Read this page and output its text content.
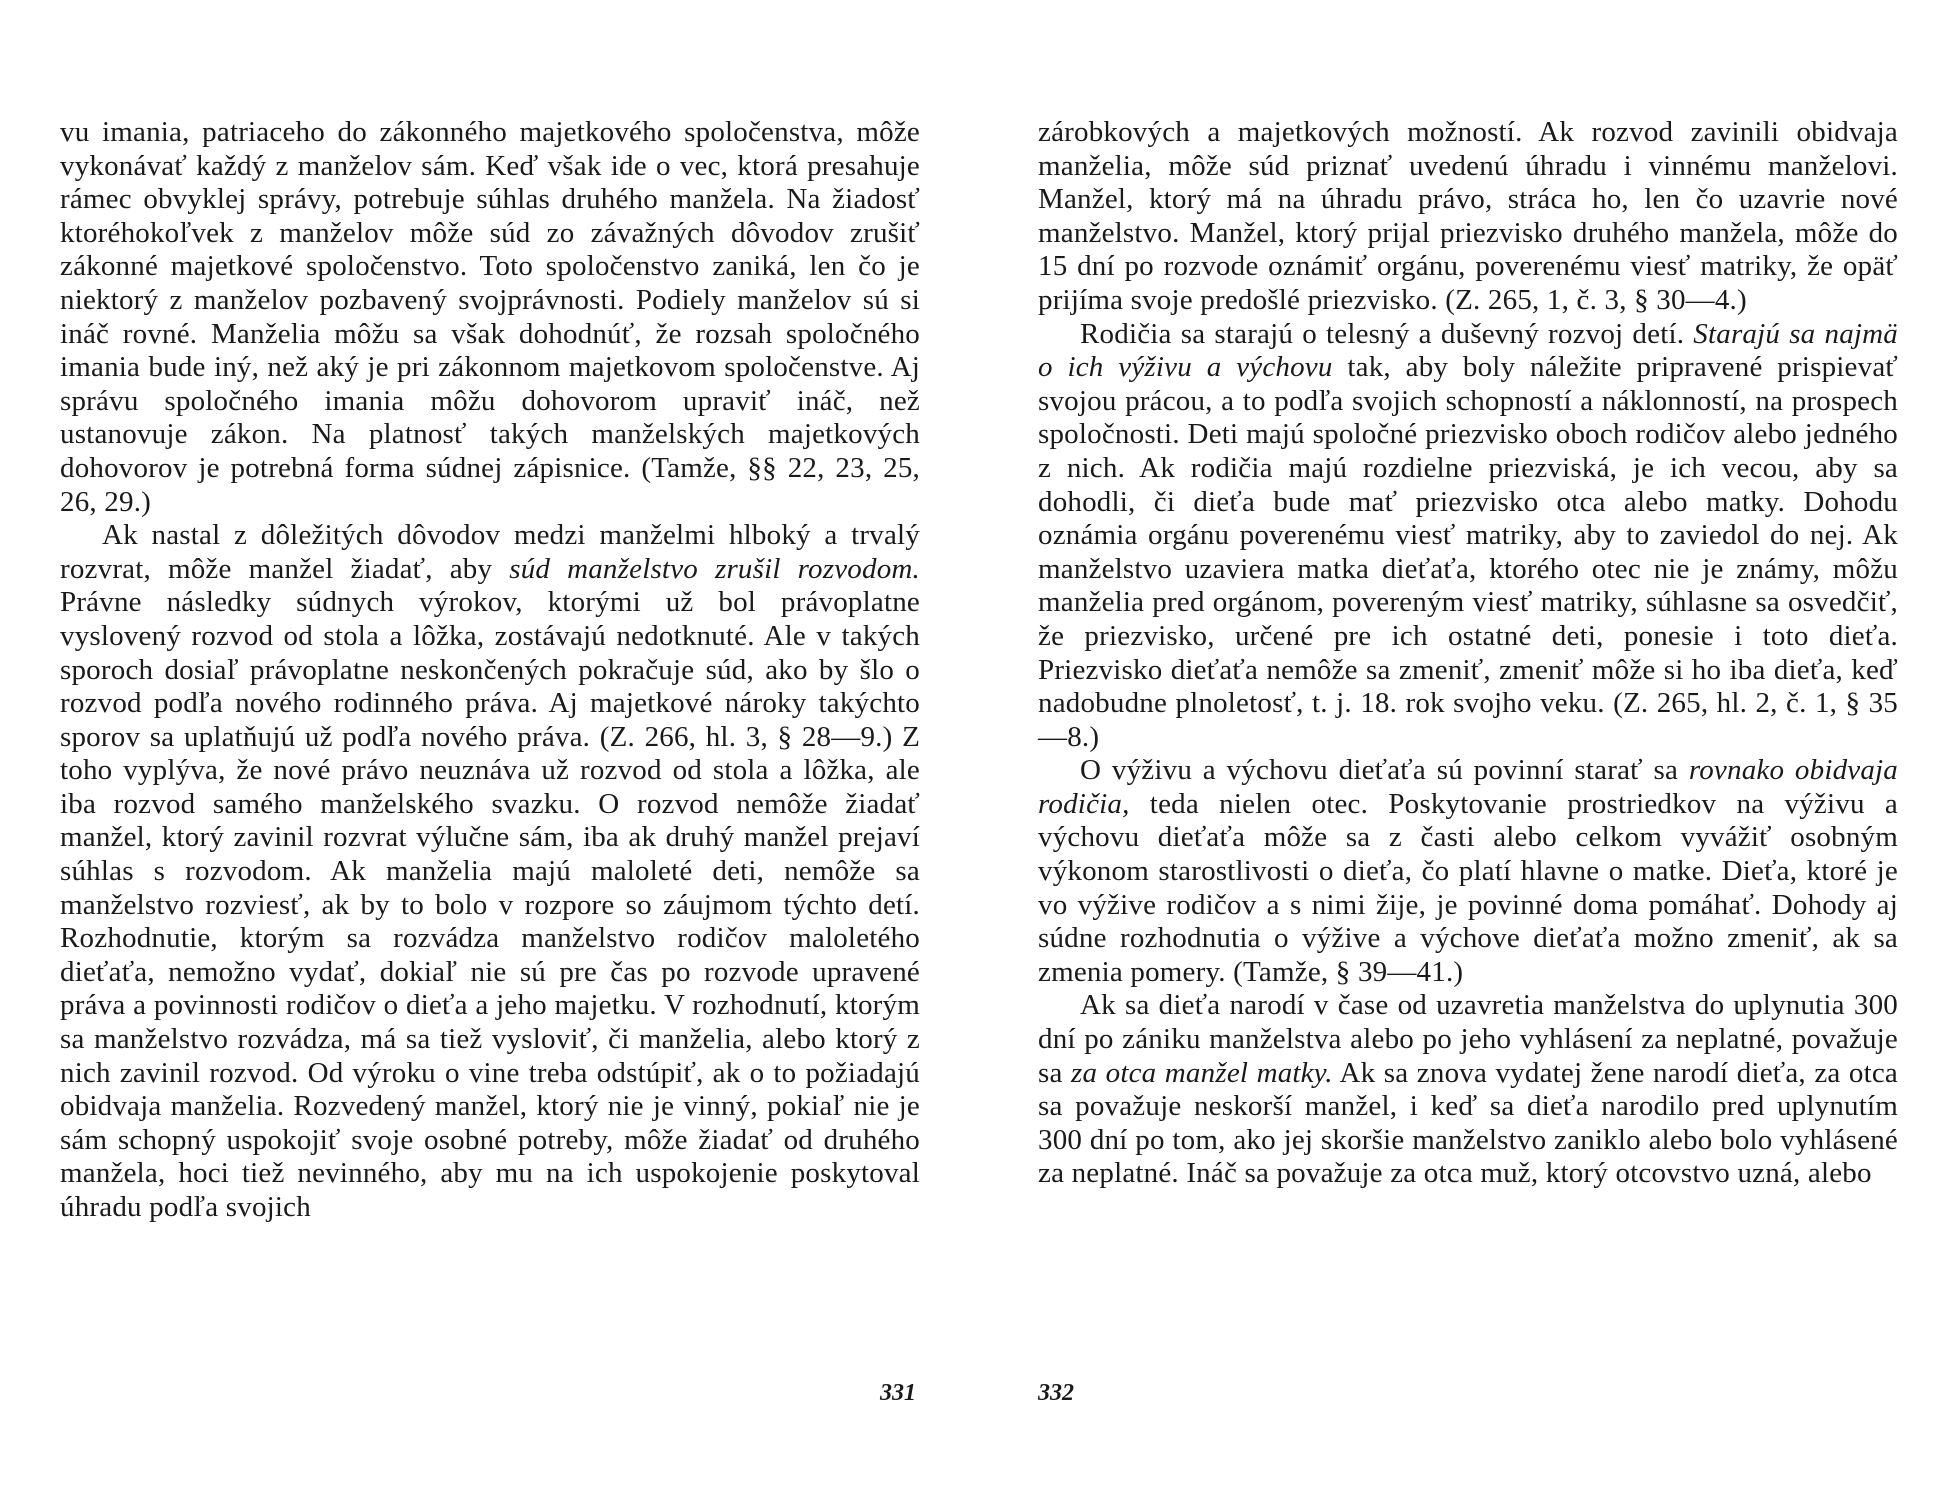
vu imania, patriaceho do zákonného majetkového spoločenstva, môže vykonávať každý z manželov sám. Keď však ide o vec, ktorá presahuje rámec obvyklej správy, potrebuje súhlas druhého manžela. Na žiadosť ktoréhokoľvek z manželov môže súd zo závažných dôvodov zrušiť zákonné majetkové spoločenstvo. Toto spoločenstvo zaniká, len čo je niektorý z manželov pozbavený svojprávnosti. Podiely manželov sú si ináč rovné. Manželia môžu sa však dohodnúť, že rozsah spoločného imania bude iný, než aký je pri zákonnom majetkovom spoločenstve. Aj správu spoločného imania môžu dohovorom upraviť ináč, než ustanovuje zákon. Na platnosť takých manželských majetkových dohovorov je potrebná forma súdnej zápisnice. (Tamže, §§ 22, 23, 25, 26, 29.)

Ak nastal z dôležitých dôvodov medzi manželmi hlboký a trvalý rozvrat, môže manžel žiadať, aby súd manželstvo zrušil rozvodom. Právne následky súdnych výrokov, ktorými už bol právoplatne vyslovený rozvod od stola a lôžka, zostávajú nedotknuté. Ale v takých sporoch dosiaľ právoplatne neskončených pokračuje súd, ako by šlo o rozvod podľa nového rodinného práva. Aj majetkové nároky takýchto sporov sa uplatňujú už podľa nového práva. (Z. 266, hl. 3, § 28—9.) Z toho vyplýva, že nové právo neuznáva už rozvod od stola a lôžka, ale iba rozvod samého manželského svazku. O rozvod nemôže žiadať manžel, ktorý zavinil rozvrat výlučne sám, iba ak druhý manžel prejaví súhlas s rozvodom. Ak manželia majú maloleté deti, nemôže sa manželstvo rozviesť, ak by to bolo v rozpore so záujmom týchto detí. Rozhodnutie, ktorým sa rozvádza manželstvo rodičov maloletého dieťaťa, nemožno vydať, dokiaľ nie sú pre čas po rozvode upravené práva a povinnosti rodičov o dieťa a jeho majetku. V rozhodnutí, ktorým sa manželstvo rozvádza, má sa tiež vysloviť, či manželia, alebo ktorý z nich zavinil rozvod. Od výroku o vine treba odstúpiť, ak o to požiadajú obidvaja manželia. Rozvedený manžel, ktorý nie je vinný, pokiaľ nie je sám schopný uspokojiť svoje osobné potreby, môže žiadať od druhého manžela, hoci tiež nevinného, aby mu na ich uspokojenie poskytoval úhradu podľa svojich

331

zárobkových a majetkových možností. Ak rozvod zavinili obidvaja manželia, môže súd priznať uvedenú úhradu i vinnému manželovi. Manžel, ktorý má na úhradu právo, stráca ho, len čo uzavrie nové manželstvo. Manžel, ktorý prijal priezvisko druhého manžela, môže do 15 dní po rozvode oznámiť orgánu, poverenému viesť matriky, že opäť prijíma svoje predošlé priezvisko. (Z. 265, 1, č. 3, § 30—4.)

Rodičia sa starajú o telesný a duševný rozvoj detí. Starajú sa najmä o ich výživu a výchovu tak, aby boly náležite pripravené prispievať svojou prácou, a to podľa svojich schopností a náklonností, na prospech spoločnosti. Deti majú spoločné priezvisko oboch rodičov alebo jedného z nich. Ak rodičia majú rozdielne priezviská, je ich vecou, aby sa dohodli, či dieťa bude mať priezvisko otca alebo matky. Dohodu oznámia orgánu poverenému viesť matriky, aby to zaviedol do nej. Ak manželstvo uzaviera matka dieťaťa, ktorého otec nie je známy, môžu manželia pred orgánom, povereným viesť matriky, súhlasne sa osvedčiť, že priezvisko, určené pre ich ostatné deti, ponesie i toto dieťa. Priezvisko dieťaťa nemôže sa zmeniť, zmeniť môže si ho iba dieťa, keď nadobudne plnoletosť, t. j. 18. rok svojho veku. (Z. 265, hl. 2, č. 1, § 35—8.)

O výživu a výchovu dieťaťa sú povinní starať sa rovnako obidvaja rodičia, teda nielen otec. Poskytovanie prostriedkov na výživu a výchovu dieťaťa môže sa z časti alebo celkom vyvážiť osobným výkonom starostlivosti o dieťa, čo platí hlavne o matke. Dieťa, ktoré je vo výžive rodičov a s nimi žije, je povinné doma pomáhať. Dohody aj súdne rozhodnutia o výžive a výchove dieťaťa možno zmeniť, ak sa zmenia pomery. (Tamže, § 39—41.)

Ak sa dieťa narodí v čase od uzavretia manželstva do uplynutia 300 dní po zániku manželstva alebo po jeho vyhlásení za neplatné, považuje sa za otca manžel matky. Ak sa znova vydatej žene narodí dieťa, za otca sa považuje neskorší manžel, i keď sa dieťa narodilo pred uplynutím 300 dní po tom, ako jej skoršie manželstvo zaniklo alebo bolo vyhlásené za neplatné. Ináč sa považuje za otca muž, ktorý otcovstvo uzná, alebo

332
